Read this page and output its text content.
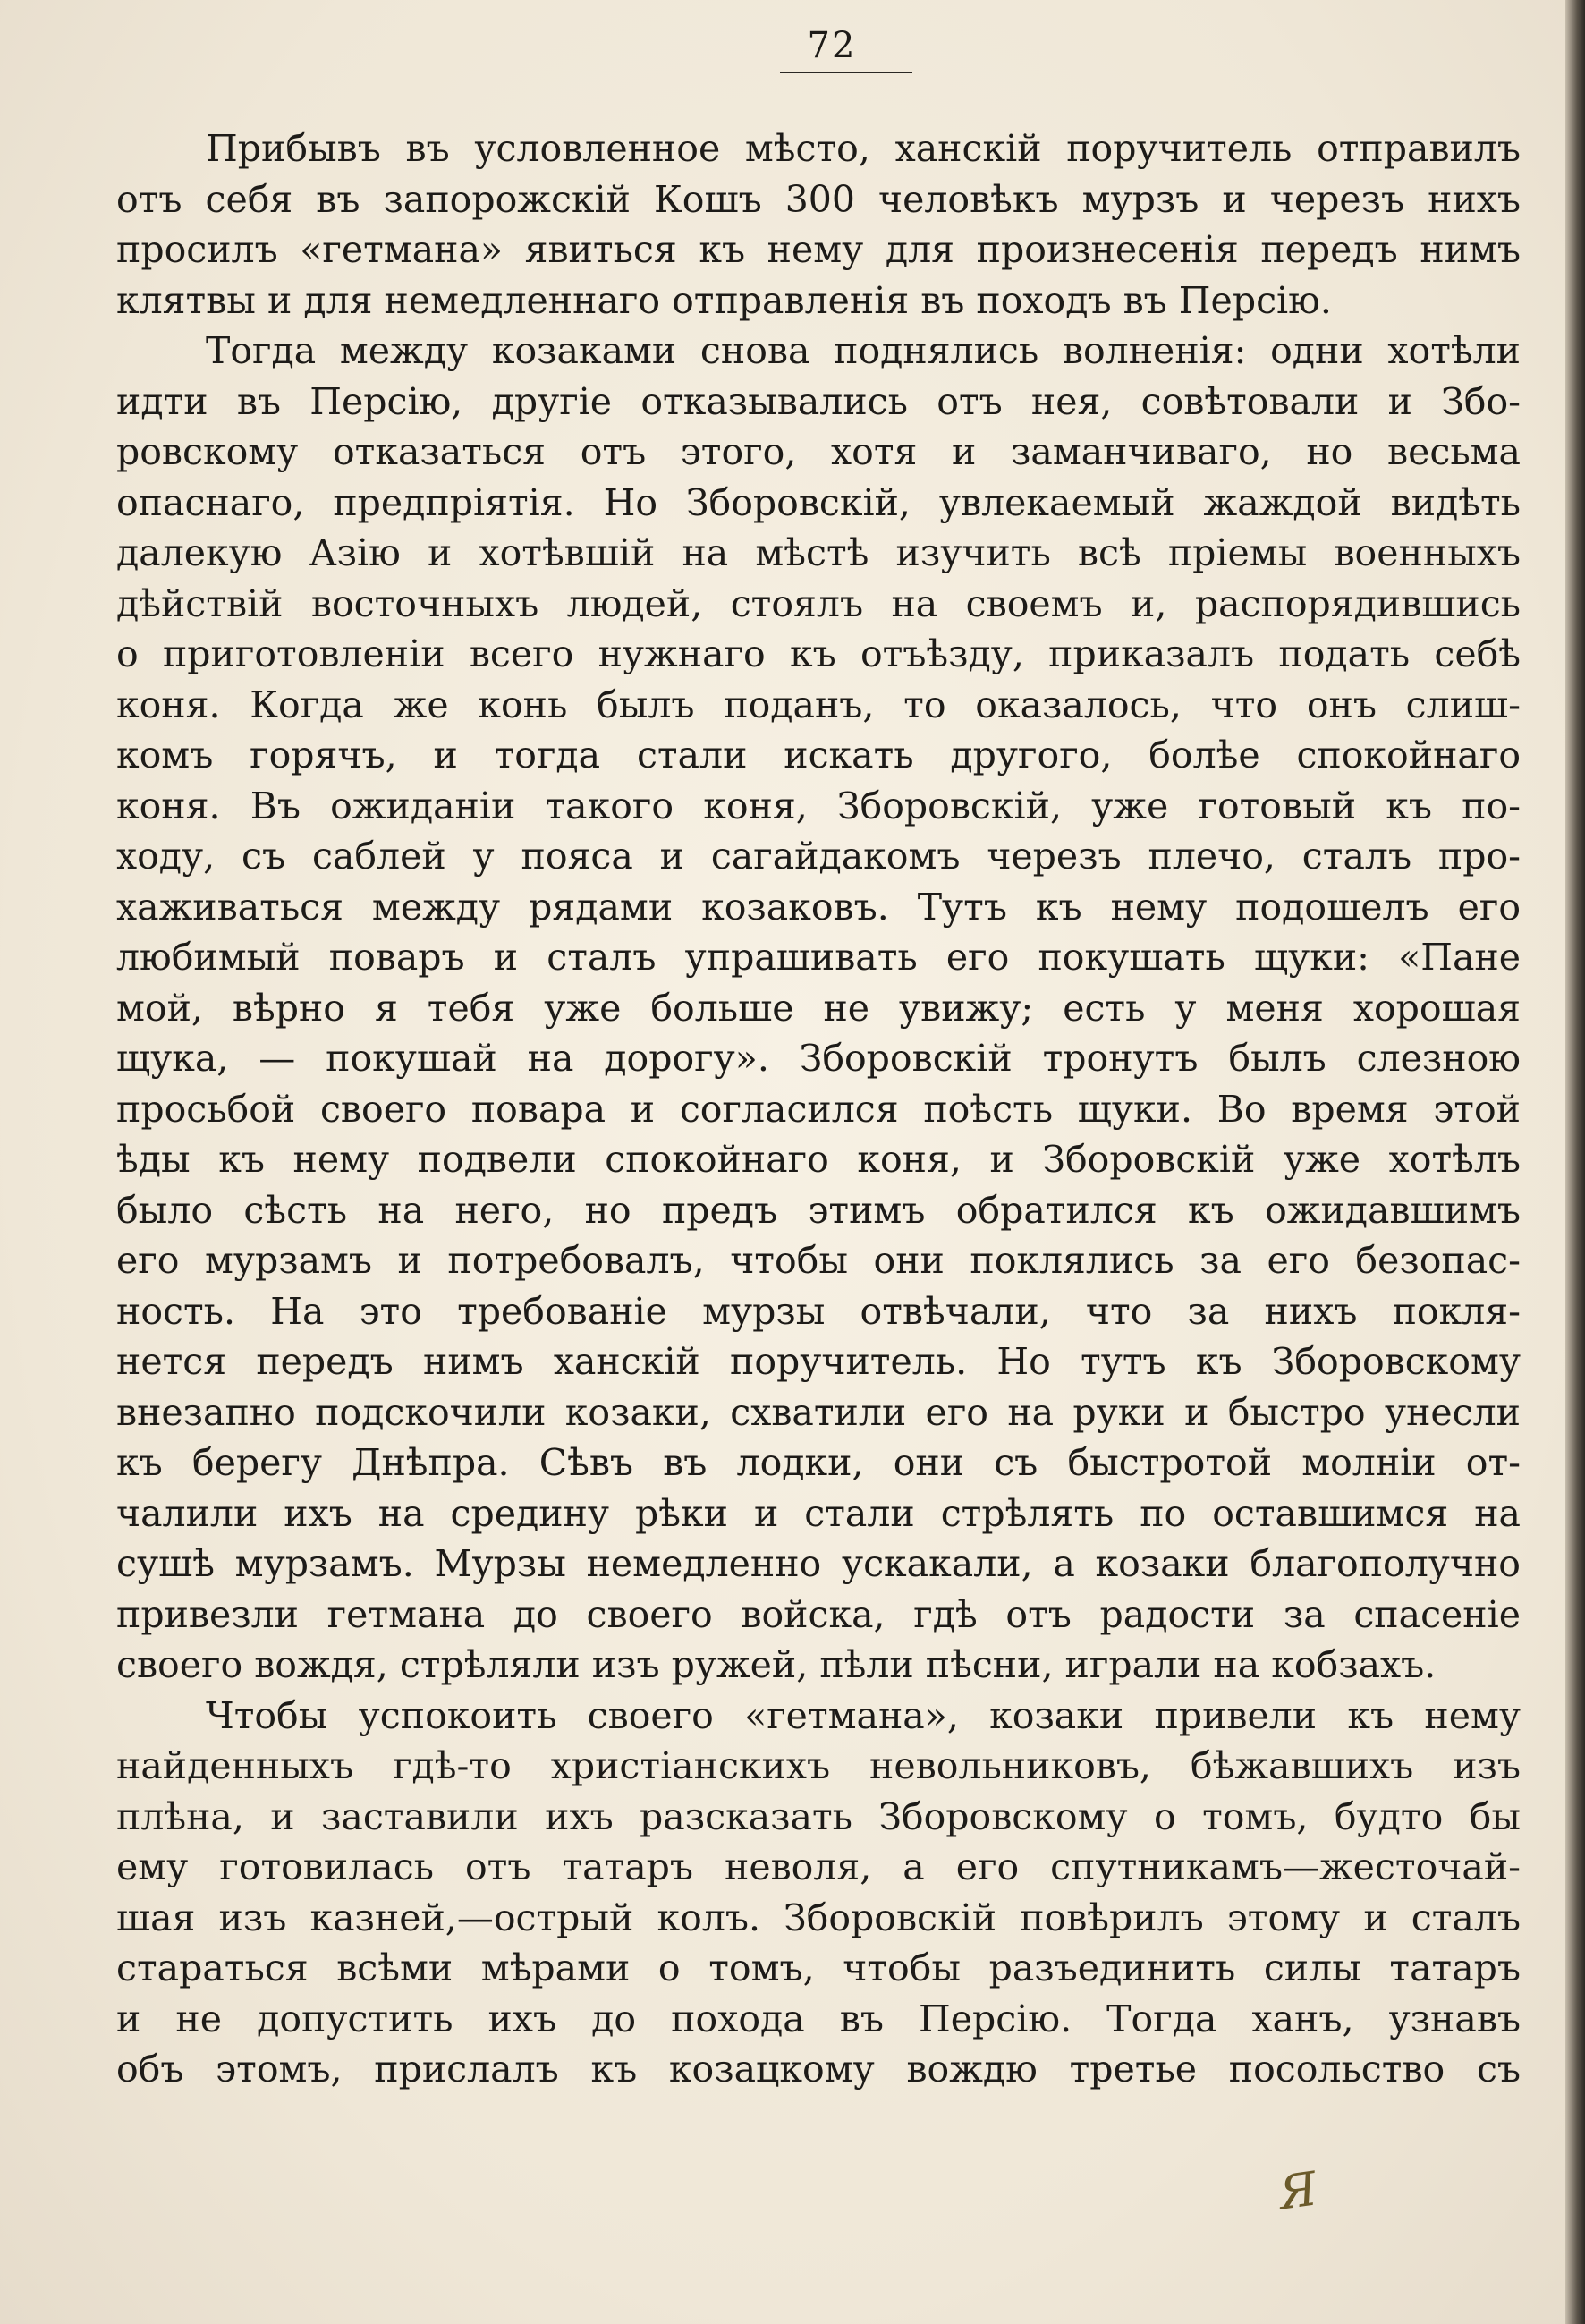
72
Прибывъ въ условленное мѣсто, ханскій поручитель отправилъ
отъ себя въ запорожскій Кошъ 300 человѣкъ мурзъ и черезъ нихъ
просилъ «гетмана» явиться къ нему для произнесенія передъ нимъ
клятвы и для немедленнаго отправленія въ походъ въ Персію.
Тогда между козаками снова поднялись волненія: одни хотѣли
идти въ Персію, другіе отказывались отъ нея, совѣтовали и Збо-
ровскому отказаться отъ этого, хотя и заманчиваго, но весьма
опаснаго, предпріятія. Но Зборовскій, увлекаемый жаждой видѣть
далекую Азію и хотѣвшій на мѣстѣ изучить всѣ пріемы военныхъ
дѣйствій восточныхъ людей, стоялъ на своемъ и, распорядившись
о приготовленіи всего нужнаго къ отъѣзду, приказалъ подать себѣ
коня. Когда же конь былъ поданъ, то оказалось, что онъ слиш-
комъ горячъ, и тогда стали искать другого, болѣе спокойнаго
коня. Въ ожиданіи такого коня, Зборовскій, уже готовый къ по-
ходу, съ саблей у пояса и сагайдакомъ черезъ плечо, сталъ про-
хаживаться между рядами козаковъ. Тутъ къ нему подошелъ его
любимый поваръ и сталъ упрашивать его покушать щуки: «Пане
мой, вѣрно я тебя уже больше не увижу; есть у меня хорошая
щука, — покушай на дорогу». Зборовскій тронутъ былъ слезною
просьбой своего повара и согласился поѣсть щуки. Во время этой
ѣды къ нему подвели спокойнаго коня, и Зборовскій уже хотѣлъ
было сѣсть на него, но предъ этимъ обратился къ ожидавшимъ
его мурзамъ и потребовалъ, чтобы они поклялись за его безопас-
ность. На это требованіе мурзы отвѣчали, что за нихъ покля-
нется передъ нимъ ханскій поручитель. Но тутъ къ Зборовскому
внезапно подскочили козаки, схватили его на руки и быстро унесли
къ берегу Днѣпра. Сѣвъ въ лодки, они съ быстротой молніи от-
чалили ихъ на средину рѣки и стали стрѣлять по оставшимся на
сушѣ мурзамъ. Мурзы немедленно ускакали, а козаки благополучно
привезли гетмана до своего войска, гдѣ отъ радости за спасеніе
своего вождя, стрѣляли изъ ружей, пѣли пѣсни, играли на кобзахъ.
Чтобы успокоить своего «гетмана», козаки привели къ нему
найденныхъ гдѣ-то христіанскихъ невольниковъ, бѣжавшихъ изъ
плѣна, и заставили ихъ разсказать Зборовскому о томъ, будто бы
ему готовилась отъ татаръ неволя, а его спутникамъ—жесточай-
шая изъ казней,—острый колъ. Зборовскій повѣрилъ этому и сталъ
стараться всѣми мѣрами о томъ, чтобы разъединить силы татаръ
и не допустить ихъ до похода въ Персію. Тогда ханъ, узнавъ
объ этомъ, прислалъ къ козацкому вождю третье посольство съ
Я
